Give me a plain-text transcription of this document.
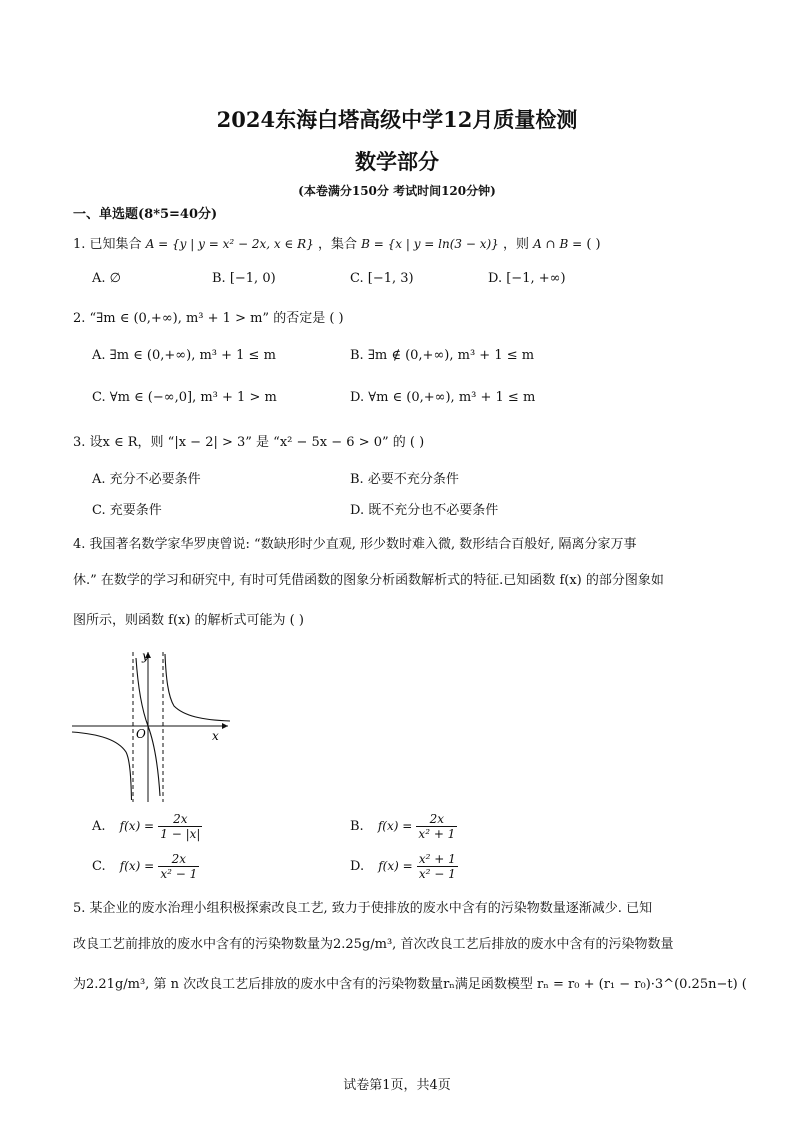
2024东海白塔高级中学12月质量检测
数学部分
(本卷满分150分 考试时间120分钟)
一、单选题(8*5=40分)
1. 已知集合 A = {y | y = x² − 2x, x ∈ R} ，集合 B = {x | y = ln(3 − x)} ，则 A ∩ B = ( )
A. ∅	B. [−1, 0)	C. [−1, 3)	D. [−1, +∞)
2. “∃m ∈ (0,+∞), m³ + 1 > m” 的否定是 ( )
A. ∃m ∈ (0,+∞), m³ + 1 ≤ m	B. ∃m ∉ (0,+∞), m³ + 1 ≤ m
C. ∀m ∈ (−∞,0], m³ + 1 > m	D. ∀m ∈ (0,+∞), m³ + 1 ≤ m
3. 设x ∈ R，则 “|x − 2| > 3” 是 “x² − 5x − 6 > 0” 的 ( )
A. 充分不必要条件	B. 必要不充分条件
C. 充要条件	D. 既不充分也不必要条件
4. 我国著名数学家华罗庚曾说: “数缺形时少直观, 形少数时难入微, 数形结合百般好, 隔离分家万事
休.” 在数学的学习和研究中, 有时可凭借函数的图象分析函数解析式的特征.已知函数 f(x) 的部分图象如
图所示，则函数 f(x) 的解析式可能为 ( )
y
O	x
A. $f(x) = \frac{2x}{1 - |x|}$	B. $f(x) = \frac{2x}{\text{x² + 1}}$
C. $f(x) = \frac{2x}{\text{x² − 1}}$	D. $f(x) = \frac{\text{x² + 1}}{\text{x² − 1}}$
5. 某企业的废水治理小组积极探索改良工艺, 致力于使排放的废水中含有的污染物数量逐渐减少. 已知
改良工艺前排放的废水中含有的污染物数量为2.25g/m³, 首次改良工艺后排放的废水中含有的污染物数量
为2.21g/m³, 第 n 次改良工艺后排放的废水中含有的污染物数量rₙ满足函数模型 rₙ = r₀ + (r₁ − r₀)·3^(0.25n−t) (
试卷第1页，共4页
